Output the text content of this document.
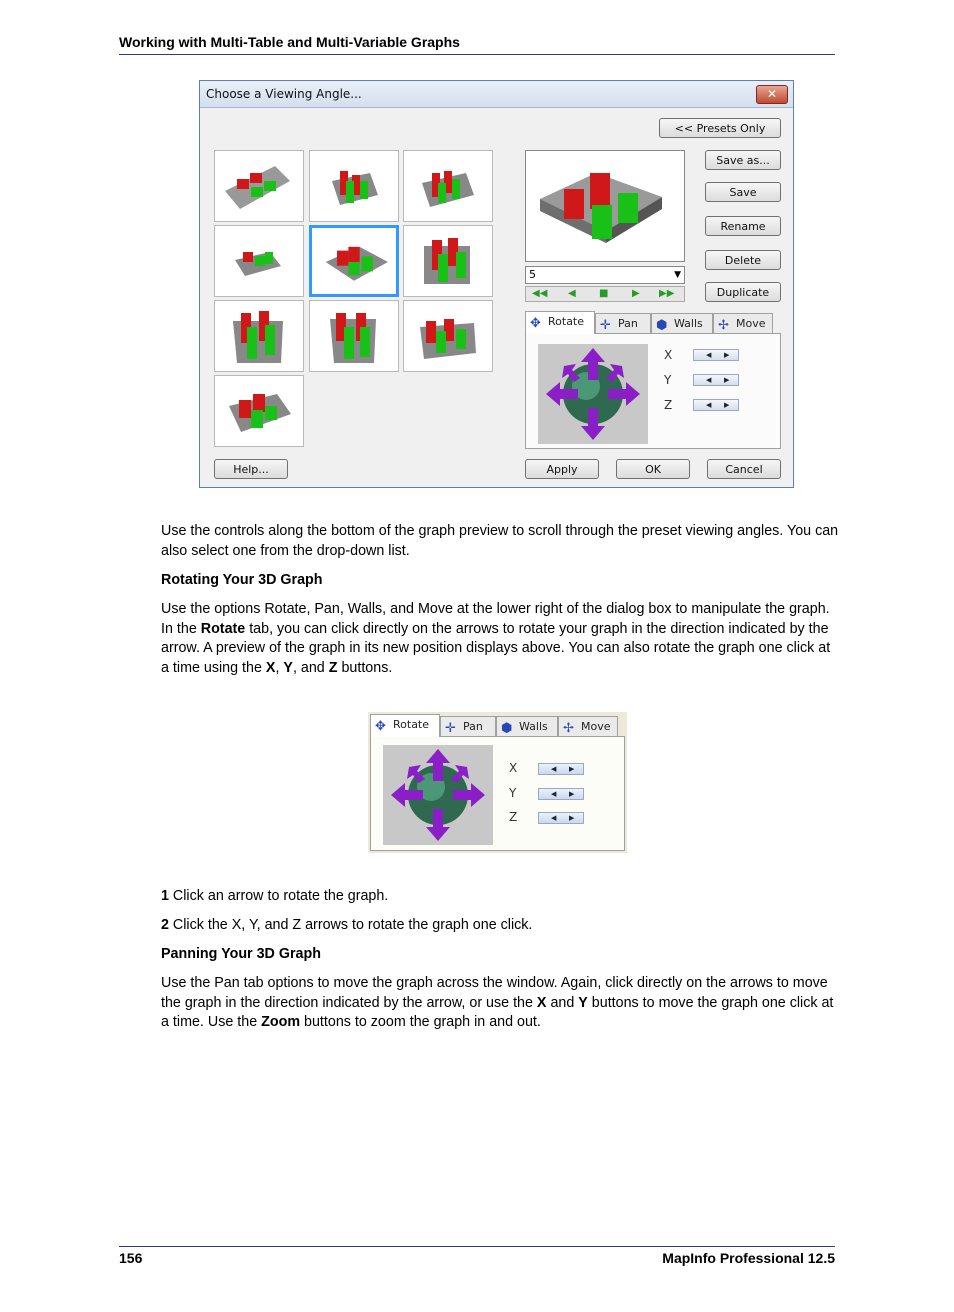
Working with Multi-Table and Multi-Variable Graphs
Choose a Viewing Angle...	✕
<< Presets Only
5	▼
◀◀ ◀ ■ ▶ ▶▶
Save as...
Save
Rename
Delete
Duplicate
✥ Rotate	✛ Pan	⬢ Walls	✢ Move
X
Y
Z
◀ ▶
◀ ▶
◀ ▶
Help...	Apply	OK	Cancel

Use the controls along the bottom of the graph preview to scroll through the preset viewing angles. You can also select one from the drop-down list.

Rotating Your 3D Graph

Use the options Rotate, Pan, Walls, and Move at the lower right of the dialog box to manipulate the graph. In the Rotate tab, you can click directly on the arrows to rotate your graph in the direction indicated by the arrow. A preview of the graph in its new position displays above. You can also rotate the graph one click at a time using the X, Y, and Z buttons.

✥ Rotate	✛ Pan	⬢ Walls	✢ Move
X
Y
Z
◀ ▶
◀ ▶
◀ ▶

1 Click an arrow to rotate the graph.

2 Click the X, Y, and Z arrows to rotate the graph one click.

Panning Your 3D Graph

Use the Pan tab options to move the graph across the window. Again, click directly on the arrows to move the graph in the direction indicated by the arrow, or use the X and Y buttons to move the graph one click at a time. Use the Zoom buttons to zoom the graph in and out.

156	MapInfo Professional 12.5
